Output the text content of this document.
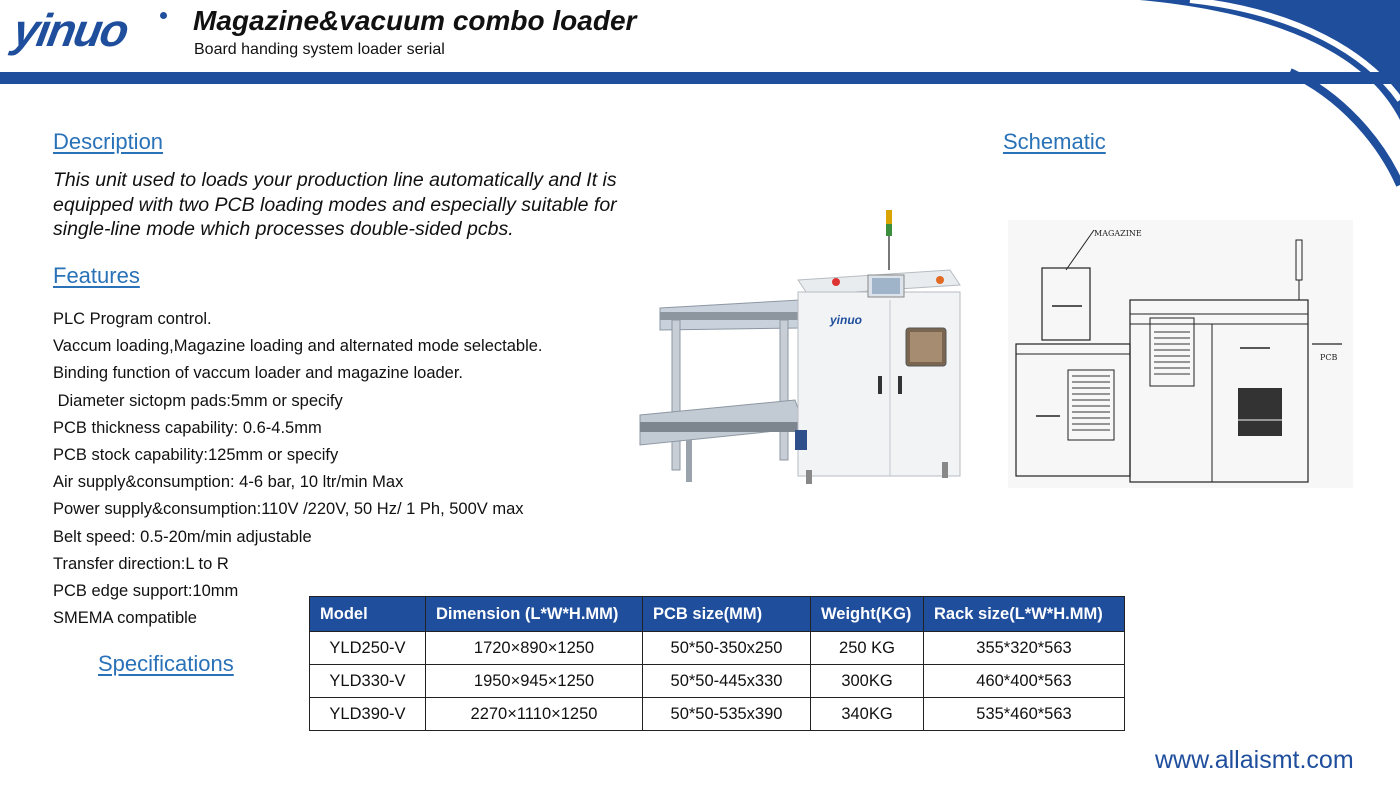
yinuo Magazine&vacuum combo loader
Board handing system loader serial
Description
This unit used to loads your production line automatically and It is equipped with two PCB loading modes and especially suitable for single-line mode which processes double-sided pcbs.
Features
PLC Program control.
Vaccum loading,Magazine loading and alternated mode selectable.
Binding function of vaccum loader and magazine loader.
Diameter sictopm pads:5mm or specify
PCB thickness capability: 0.6-4.5mm
PCB stock capability:125mm or specify
Air supply&consumption: 4-6 bar, 10 ltr/min Max
Power supply&consumption:110V /220V, 50 Hz/ 1 Ph, 500V max
Belt speed: 0.5-20m/min adjustable
Transfer direction:L to R
PCB edge support:10mm
SMEMA compatible
Schematic
yinuo
MAGAZINE
PCB
Specifications
Model	Dimension (L*W*H.MM)	PCB size(MM)	Weight(KG)	Rack size(L*W*H.MM)
YLD250-V	1720×890×1250	50*50-350x250	250 KG	355*320*563
YLD330-V	1950×945×1250	50*50-445x330	300KG	460*400*563
YLD390-V	2270×1110×1250	50*50-535x390	340KG	535*460*563
www.allaismt.com
